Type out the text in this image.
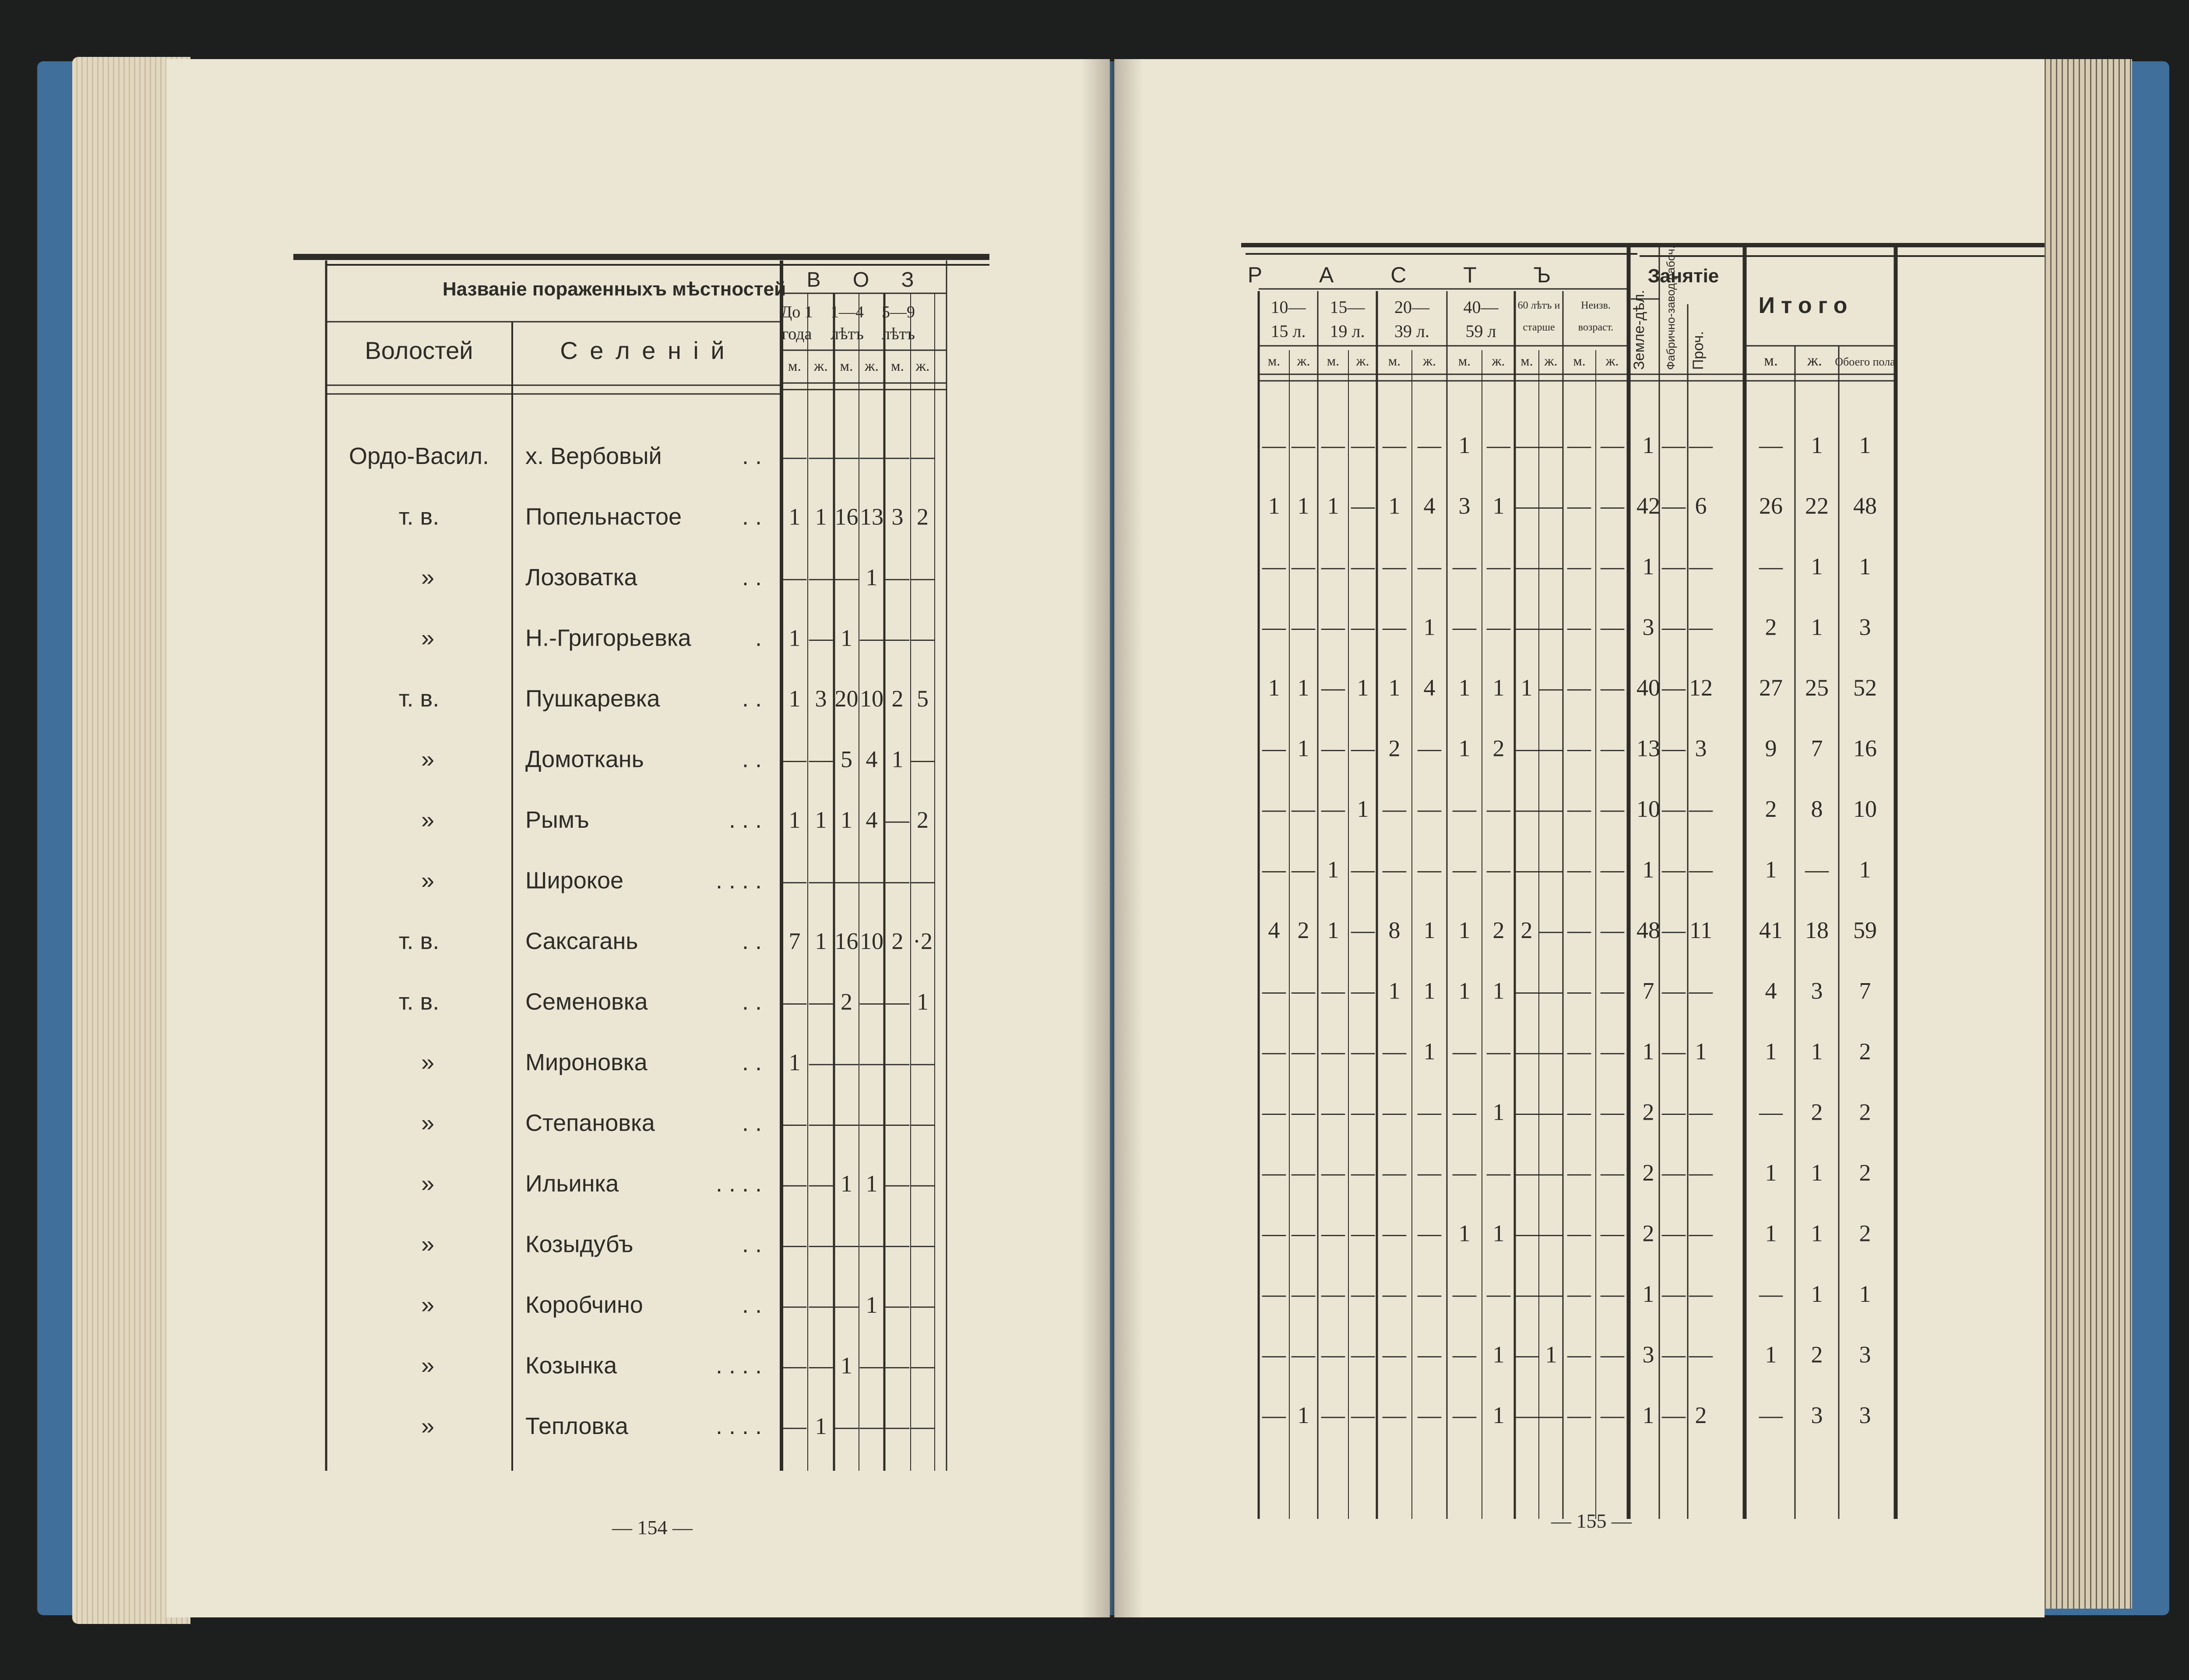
Названіе пораженныхъ мѣстностей
Волостей	С е л е н і й
В О З
До 1
года
1—4
лѣтъ
5—9
лѣтъ
м. ж. м. ж. м. ж.
Ордо-Васил. х. Вербовый	. . — — — — — —
т. в.	Попельнастое	. . 1 1 16 13 3 2
»	Лозоватка	. . — — — 1 — —
»	Н.-Григорьевка	. 1 — 1 — — —
т. в.	Пушкаревка	. . 1 3 20 10 2 5
»	Домоткань	. . — — 5 4 1 —
»	Рымъ	. . . 1 1 1 4 — 2
»	Широкое	. . . . — — — — — —
т. в.	Саксагань	. . 7 1 16 10 2 ·2
т. в.	Семеновка	. . — — 2 — — 1
»	Мироновка	. . 1 — — — — —
»	Степановка	. . — — — — — —
»	Ильинка	. . . . — — 1 1 — —
»	Козыдубъ	. . — — — — — —
»	Коробчино	. . — — — 1 — —
»	Козынка	. . . . — — 1 — — —
»	Тепловка	. . . . — 1 — — — —
— 154 —
Р А С Т Ъ	Занятіе
Итого
10—
15 л.
15—
19 л.
20—
39 л.
40—
59 л
60 лѣтъ и
старше
Неизв.
возраст.
м. ж. м. ж. м. ж. м. ж. м. ж. м. ж. Земле-дѣл. Фабрично-завод.рабоч. Проч.	м. ж. Обоего пола
— — — — — — 1 — — — — — 1 — — — 1 1
1 1 1 — 1 4 3 1 — — — — 42 — 6 26 22 48
— — — — — — — — — — — — 1 — — — 1 1
— — — — — 1 — — — — — — 3 — — 2 1 3
1 1 — 1 1 4 1 1 1 — — — 40 — 12 27 25 52
— 1 — — 2 — 1 2 — — — — 13 — 3 9 7 16
— — — 1 — — — — — — — — 10 — — 2 8 10
— — 1 — — — — — — — — — 1 — — 1 — 1
4 2 1 — 8 1 1 2 2 — — — 48 — 11 41 18 59
— — — — 1 1 1 1 — — — — 7 — — 4 3 7
— — — — — 1 — — — — — — 1 — 1 1 1 2
— — — — — — — 1 — — — — 2 — — — 2 2
— — — — — — — — — — — — 2 — — 1 1 2
— — — — — — 1 1 — — — — 2 — — 1 1 2
— — — — — — — — — — — — 1 — — — 1 1
— — — — — — — 1 — 1 — — 3 — — 1 2 3
— 1 — — — — — 1 — — — — 1 — 2 — 3 3
— 155 —
